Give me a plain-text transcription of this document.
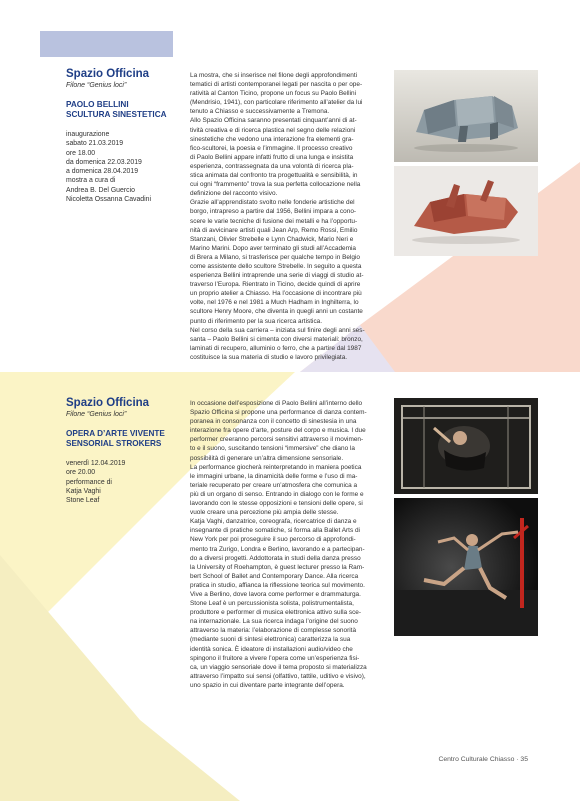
Spazio Officina
Filone “Genius loci”
PAOLO BELLINI
SCULTURA SINESTETICA
inaugurazione
sabato 21.03.2019
ore 18.00
da domenica 22.03.2019
a domenica 28.04.2019
mostra a cura di
Andrea B. Del Guercio
Nicoletta Ossanna Cavadini

La mostra, che si inserisce nel filone degli approfondimenti

tematici di artisti contemporanei legati per nascita o per ope-

ratività al Canton Ticino, propone un focus su Paolo Bellini

(Mendrisio, 1941), con particolare riferimento all’atelier da lui

tenuto a Chiasso e successivamente a Tremona.

Allo Spazio Officina saranno presentati cinquant’anni di at-

tività creativa e di ricerca plastica nel segno delle relazioni

sinestetiche che vedono una interazione fra elementi gra-

fico-scultorei, la poesia e l’immagine. Il processo creativo

di Paolo Bellini appare infatti frutto di una lunga e insistita

esperienza, contrassegnata da una volontà di ricerca pla-

stica animata dal confronto tra progettualità e sensibilità, in

cui ogni “frammento” trova la sua perfetta collocazione nella

definizione del racconto visivo.

Grazie all’apprendistato svolto nelle fonderie artistiche del

borgo, intrapreso a partire dal 1956, Bellini impara a cono-

scere le varie tecniche di fusione dei metalli e ha l’opportu-

nità di avvicinare artisti quali Jean Arp, Remo Rossi, Emilio

Stanzani, Olivier Strebelle e Lynn Chadwick, Mario Neri e

Marino Marini. Dopo aver terminato gli studi all’Accademia

di Brera a Milano, si trasferisce per qualche tempo in Belgio

come assistente dello scultore Strebelle. In seguito a questa

esperienza Bellini intraprende una serie di viaggi di studio at-

traverso l’Europa. Rientrato in Ticino, decide quindi di aprire

un proprio atelier a Chiasso. Ha l’occasione di incontrare più

volte, nel 1976 e nel 1981 a Much Hadham in Inghilterra, lo

scultore Henry Moore, che diventa in quegli anni un costante

punto di riferimento per la sua ricerca artistica.

Nel corso della sua carriera – iniziata sul finire degli anni ses-

santa – Paolo Bellini si cimenta con diversi materiali: bronzo,

laminati di recupero, alluminio o ferro, che a partire dal 1987

costituisce la sua materia di studio e lavoro privilegiata.

Spazio Officina
Filone “Genius loci”
OPERA D’ARTE VIVENTE
SENSORIAL STROKERS
venerdì 12.04.2019
ore 20.00
performance di
Katja Vaghi
Stone Leaf

In occasione dell’esposizione di Paolo Bellini all’interno dello

Spazio Officina si propone una performance di danza contem-

poranea in consonanza con il concetto di sinestesia in una

interazione fra opere d’arte, posture del corpo e musica. I due

performer creeranno percorsi sensitivi attraverso il movimen-

to e il suono, suscitando tensioni “immersive” che diano la

possibilità di generare un’altra dimensione sensoriale.

La performance giocherà reinterpretando in maniera poetica

le immagini urbane, la dinamicità delle forme e l’uso di ma-

teriale recuperato per creare un’atmosfera che comunica a

più di un organo di senso. Entrando in dialogo con le forme e

lavorando con le stesse opposizioni e tensioni delle opere, si

vuole creare una percezione più ampia delle stesse.

Katja Vaghi, danzatrice, coreografa, ricercatrice di danza e

insegnante di pratiche somatiche, si forma alla Ballet Arts di

New York per poi proseguire il suo percorso di approfondi-

mento tra Zurigo, Londra e Berlino, lavorando e a partecipan-

do a diversi progetti. Addottorata in studi della danza presso

la University of Roehampton, è guest lecturer presso la Ram-

bert School of Ballet and Contemporary Dance. Alla ricerca

pratica in studio, affianca la riflessione teorica sul movimento.

Vive a Berlino, dove lavora come performer e drammaturga.

Stone Leaf è un percussionista solista, polistrumentalista,

produttore e performer di musica elettronica attivo sulla sce-

na internazionale. La sua ricerca indaga l’origine del suono

attraverso la materia: l’elaborazione di complesse sonorità

(mediante suoni di sintesi elettronica) caratterizza la sua

identità sonica. È ideatore di installazioni audio/video che

spingono il fruitore a vivere l’opera come un’esperienza fisi-

ca, un viaggio sensoriale dove il tema proposto si materializza

attraverso l’impatto sui sensi (olfattivo, tattile, uditivo e visivo),

uno spazio in cui diventare parte integrante dell’opera.

Centro Culturale Chiasso · 35
